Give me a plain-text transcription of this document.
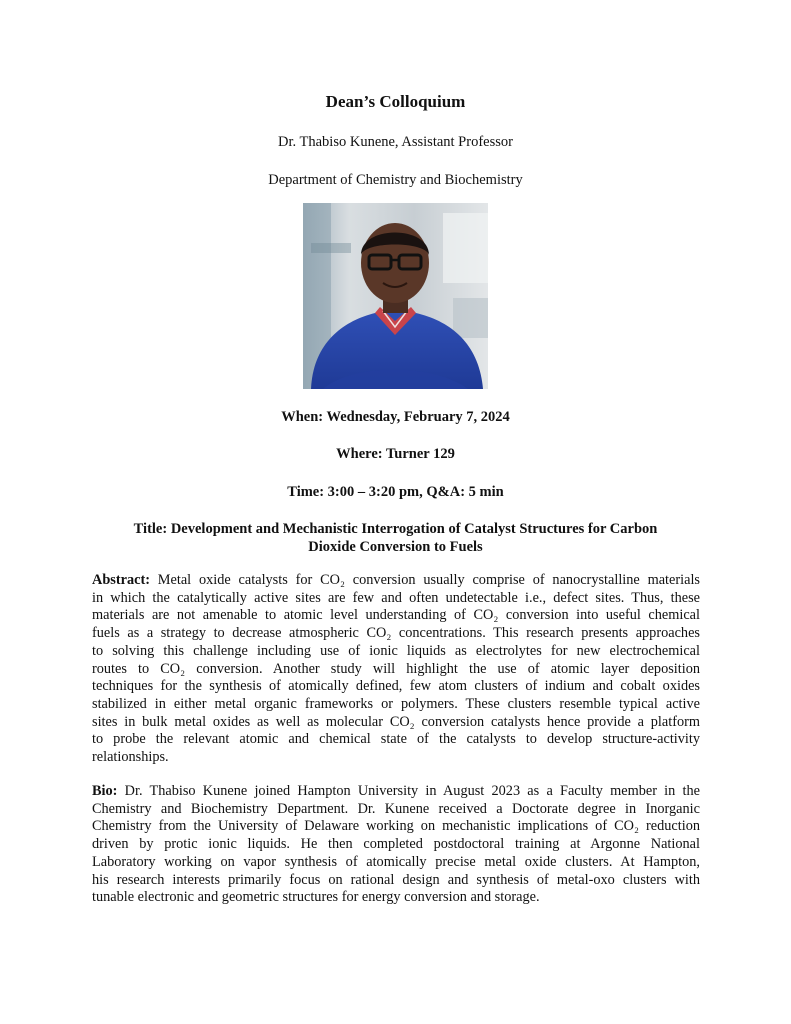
Dean’s Colloquium
Dr. Thabiso Kunene, Assistant Professor
Department of Chemistry and Biochemistry
When: Wednesday, February 7, 2024
Where: Turner 129
Time: 3:00 – 3:20 pm, Q&A: 5 min
Title: Development and Mechanistic Interrogation of Catalyst Structures for Carbon
Dioxide Conversion to Fuels
Abstract: Metal oxide catalysts for CO₂ conversion usually comprise of nanocrystalline materials
in which the catalytically active sites are few and often undetectable i.e., defect sites. Thus, these
materials are not amenable to atomic level understanding of CO₂ conversion into useful chemical
fuels as a strategy to decrease atmospheric CO₂ concentrations. This research presents approaches
to solving this challenge including use of ionic liquids as electrolytes for new electrochemical
routes to CO₂ conversion. Another study will highlight the use of atomic layer deposition
techniques for the synthesis of atomically defined, few atom clusters of indium and cobalt oxides
stabilized in either metal organic frameworks or polymers. These clusters resemble typical active
sites in bulk metal oxides as well as molecular CO₂ conversion catalysts hence provide a platform
to probe the relevant atomic and chemical state of the catalysts to develop structure-activity
relationships.
Bio: Dr. Thabiso Kunene joined Hampton University in August 2023 as a Faculty member in the
Chemistry and Biochemistry Department. Dr. Kunene received a Doctorate degree in Inorganic
Chemistry from the University of Delaware working on mechanistic implications of CO₂ reduction
driven by protic ionic liquids. He then completed postdoctoral training at Argonne National
Laboratory working on vapor synthesis of atomically precise metal oxide clusters. At Hampton,
his research interests primarily focus on rational design and synthesis of metal-oxo clusters with
tunable electronic and geometric structures for energy conversion and storage.
